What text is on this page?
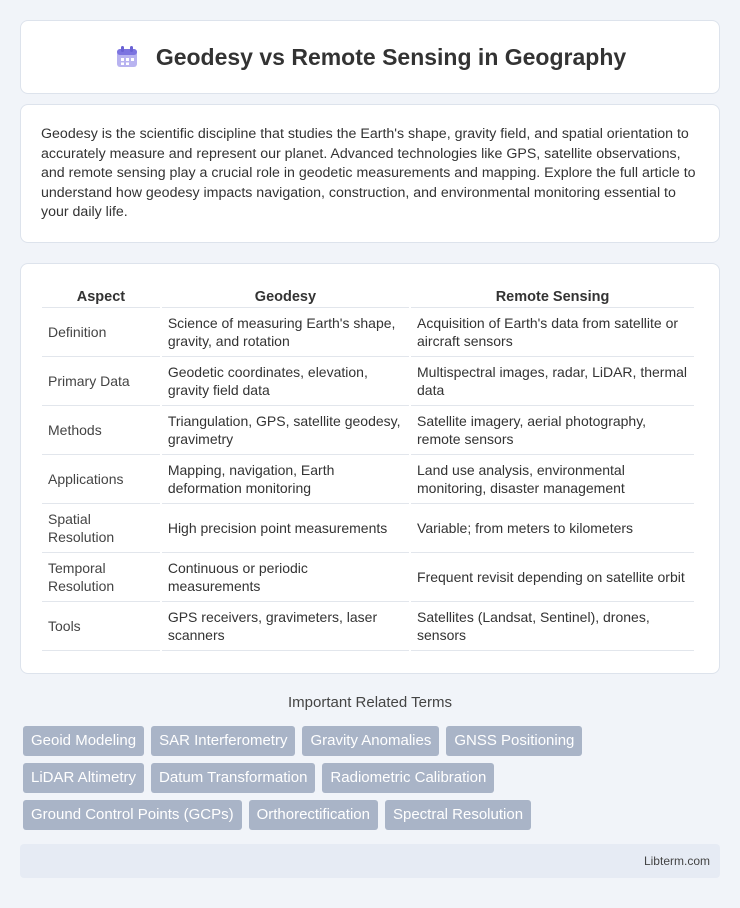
Geodesy vs Remote Sensing in Geography

Geodesy is the scientific discipline that studies the Earth's shape, gravity field, and spatial orientation to accurately measure and represent our planet. Advanced technologies like GPS, satellite observations, and remote sensing play a crucial role in geodetic measurements and mapping. Explore the full article to understand how geodesy impacts navigation, construction, and environmental monitoring essential to your daily life.

Aspect	Geodesy	Remote Sensing
Definition	Science of measuring Earth's shape, gravity, and rotation	Acquisition of Earth's data from satellite or aircraft sensors
Primary Data	Geodetic coordinates, elevation, gravity field data	Multispectral images, radar, LiDAR, thermal data
Methods	Triangulation, GPS, satellite geodesy, gravimetry	Satellite imagery, aerial photography, remote sensors
Applications	Mapping, navigation, Earth deformation monitoring	Land use analysis, environmental monitoring, disaster management
Spatial Resolution	High precision point measurements	Variable; from meters to kilometers
Temporal Resolution	Continuous or periodic measurements	Frequent revisit depending on satellite orbit
Tools	GPS receivers, gravimeters, laser scanners	Satellites (Landsat, Sentinel), drones, sensors
Important Related Terms
Geoid Modeling	SAR Interferometry	Gravity Anomalies	GNSS Positioning
LiDAR Altimetry	Datum Transformation	Radiometric Calibration
Ground Control Points (GCPs)	Orthorectification	Spectral Resolution
Libterm.com
